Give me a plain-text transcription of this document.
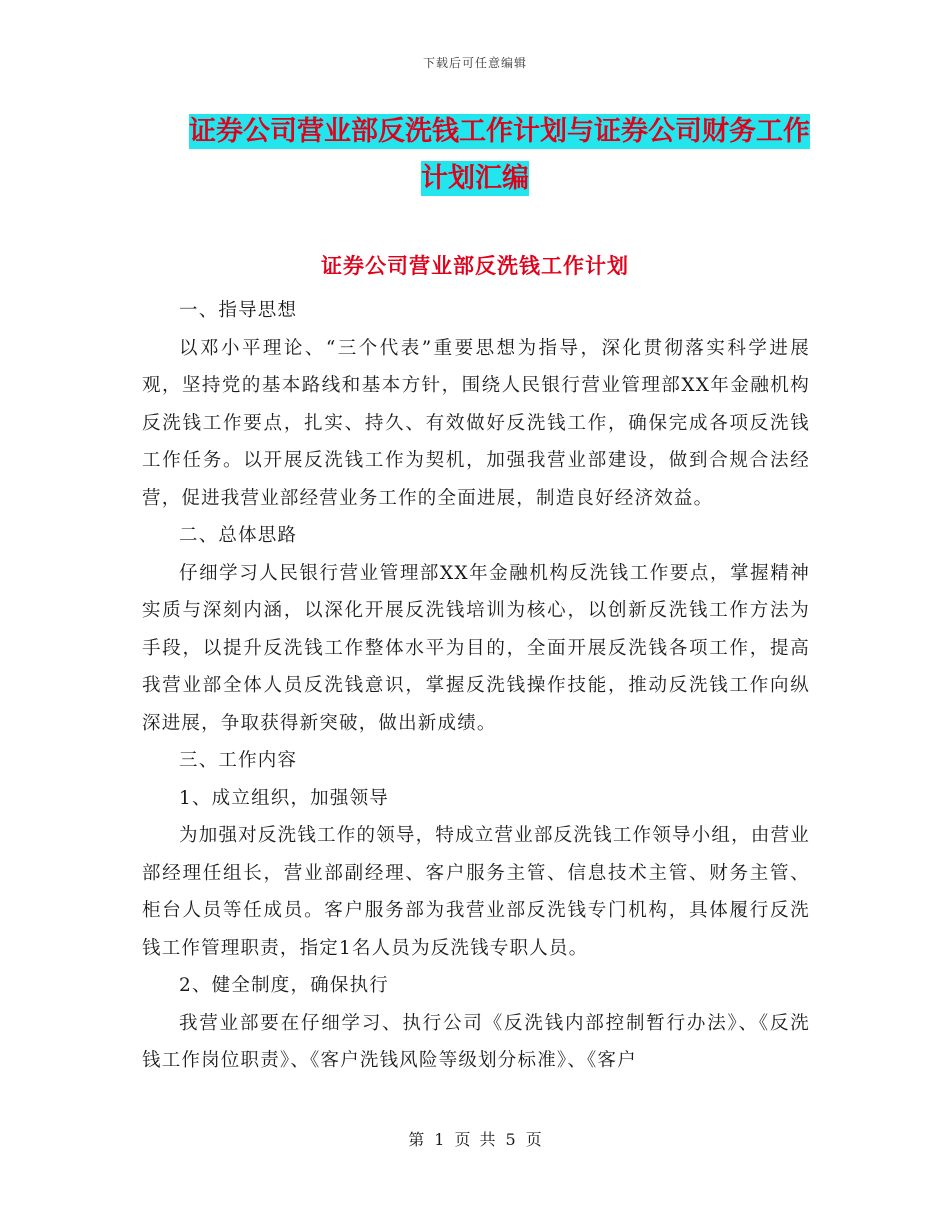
下载后可任意编辑
证券公司营业部反洗钱工作计划与证券公司财务工作
计划汇编
证券公司营业部反洗钱工作计划

一、指导思想

以邓小平理论、“三个代表”重要思想为指导，深化贯彻落实科学进展观，坚持党的基本路线和基本方针，围绕人民银行营业管理部XX年金融机构反洗钱工作要点，扎实、持久、有效做好反洗钱工作，确保完成各项反洗钱工作任务。以开展反洗钱工作为契机，加强我营业部建设，做到合规合法经营，促进我营业部经营业务工作的全面进展，制造良好经济效益。

二、总体思路

仔细学习人民银行营业管理部XX年金融机构反洗钱工作要点，掌握精神实质与深刻内涵，以深化开展反洗钱培训为核心，以创新反洗钱工作方法为手段，以提升反洗钱工作整体水平为目的，全面开展反洗钱各项工作，提高我营业部全体人员反洗钱意识，掌握反洗钱操作技能，推动反洗钱工作向纵深进展，争取获得新突破，做出新成绩。

三、工作内容

1、成立组织，加强领导

为加强对反洗钱工作的领导，特成立营业部反洗钱工作领导小组，由营业部经理任组长，营业部副经理、客户服务主管、信息技术主管、财务主管、柜台人员等任成员。客户服务部为我营业部反洗钱专门机构，具体履行反洗钱工作管理职责，指定1名人员为反洗钱专职人员。

2、健全制度，确保执行

我营业部要在仔细学习、执行公司《反洗钱内部控制暂行办法》、《反洗钱工作岗位职责》、《客户洗钱风险等级划分标准》、《客户

第 1 页 共 5 页
